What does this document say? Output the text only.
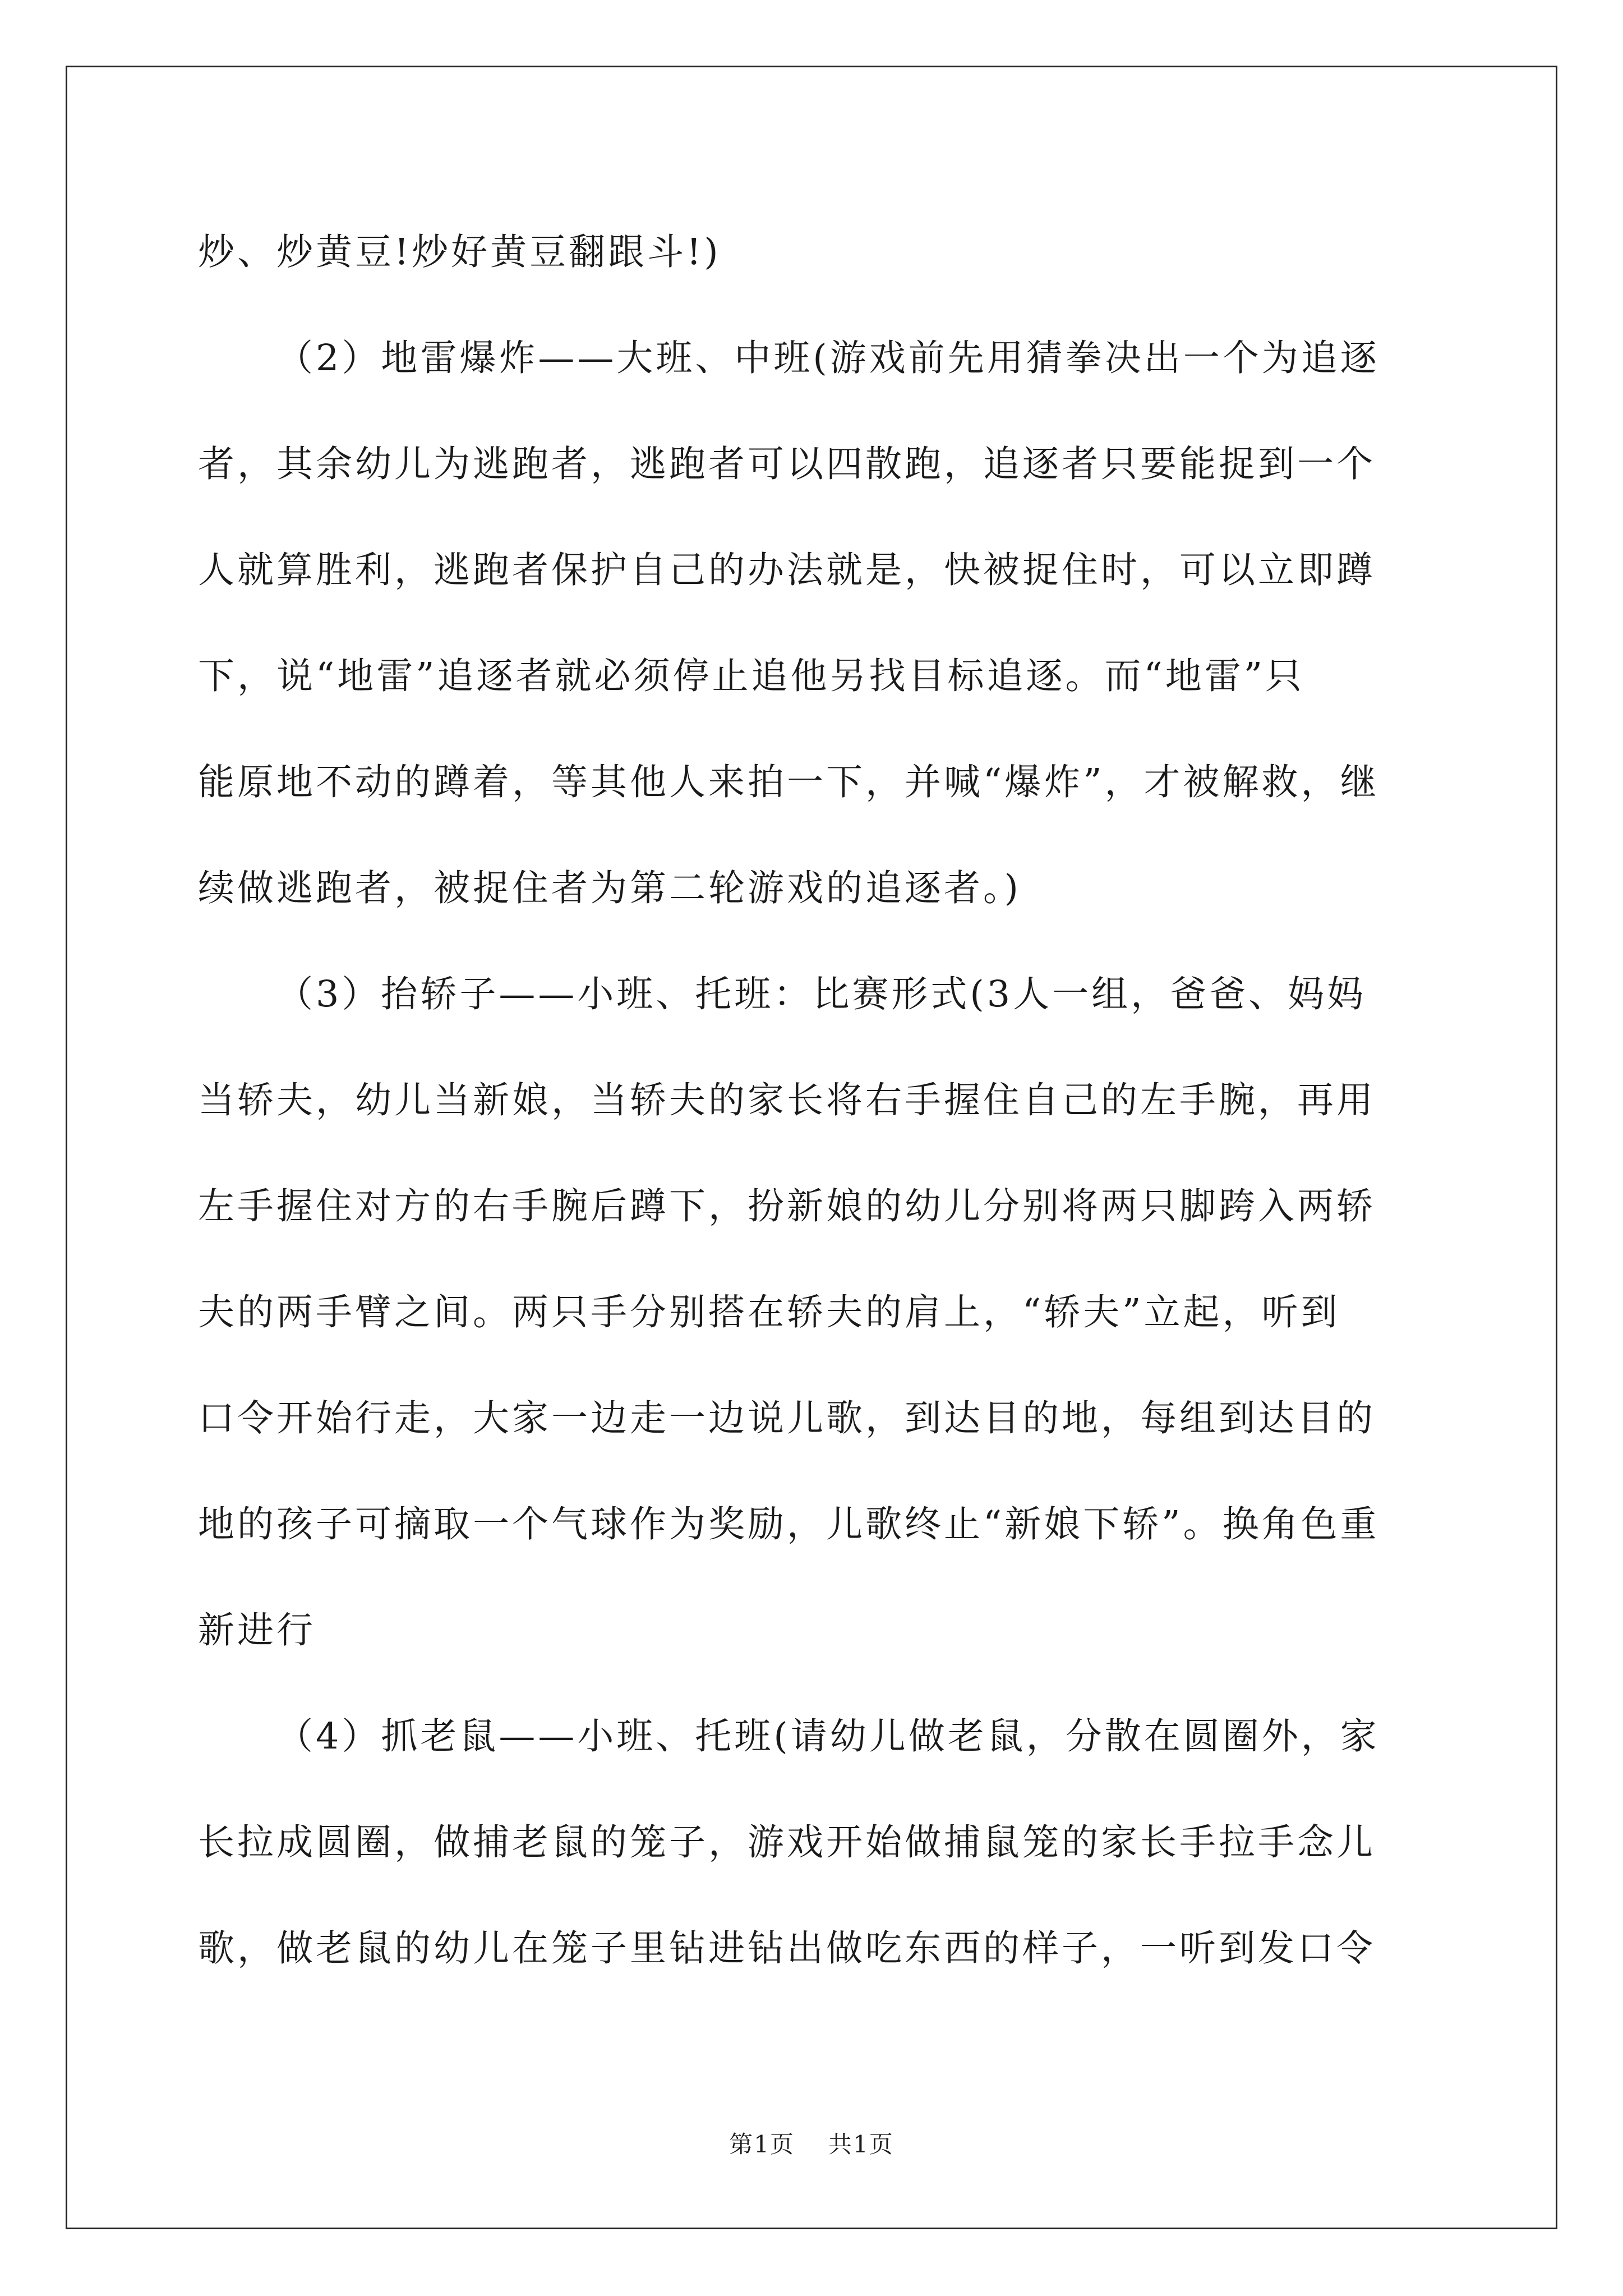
炒、炒黄豆!炒好黄豆翻跟斗!)
（2）地雷爆炸——大班、中班(游戏前先用猜拳决出一个为追逐
者，其余幼儿为逃跑者，逃跑者可以四散跑，追逐者只要能捉到一个
人就算胜利，逃跑者保护自己的办法就是，快被捉住时，可以立即蹲
下，说“地雷”追逐者就必须停止追他另找目标追逐。而“地雷”只
能原地不动的蹲着，等其他人来拍一下，并喊“爆炸”，才被解救，继
续做逃跑者，被捉住者为第二轮游戏的追逐者。)
（3）抬轿子——小班、托班：比赛形式(3人一组，爸爸、妈妈
当轿夫，幼儿当新娘，当轿夫的家长将右手握住自己的左手腕，再用
左手握住对方的右手腕后蹲下，扮新娘的幼儿分别将两只脚跨入两轿
夫的两手臂之间。两只手分别搭在轿夫的肩上，“轿夫”立起，听到
口令开始行走，大家一边走一边说儿歌，到达目的地，每组到达目的
地的孩子可摘取一个气球作为奖励，儿歌终止“新娘下轿”。换角色重
新进行
（4）抓老鼠——小班、托班(请幼儿做老鼠，分散在圆圈外，家
长拉成圆圈，做捕老鼠的笼子，游戏开始做捕鼠笼的家长手拉手念儿
歌，做老鼠的幼儿在笼子里钻进钻出做吃东西的样子，一听到发口令
第1页 共1页
